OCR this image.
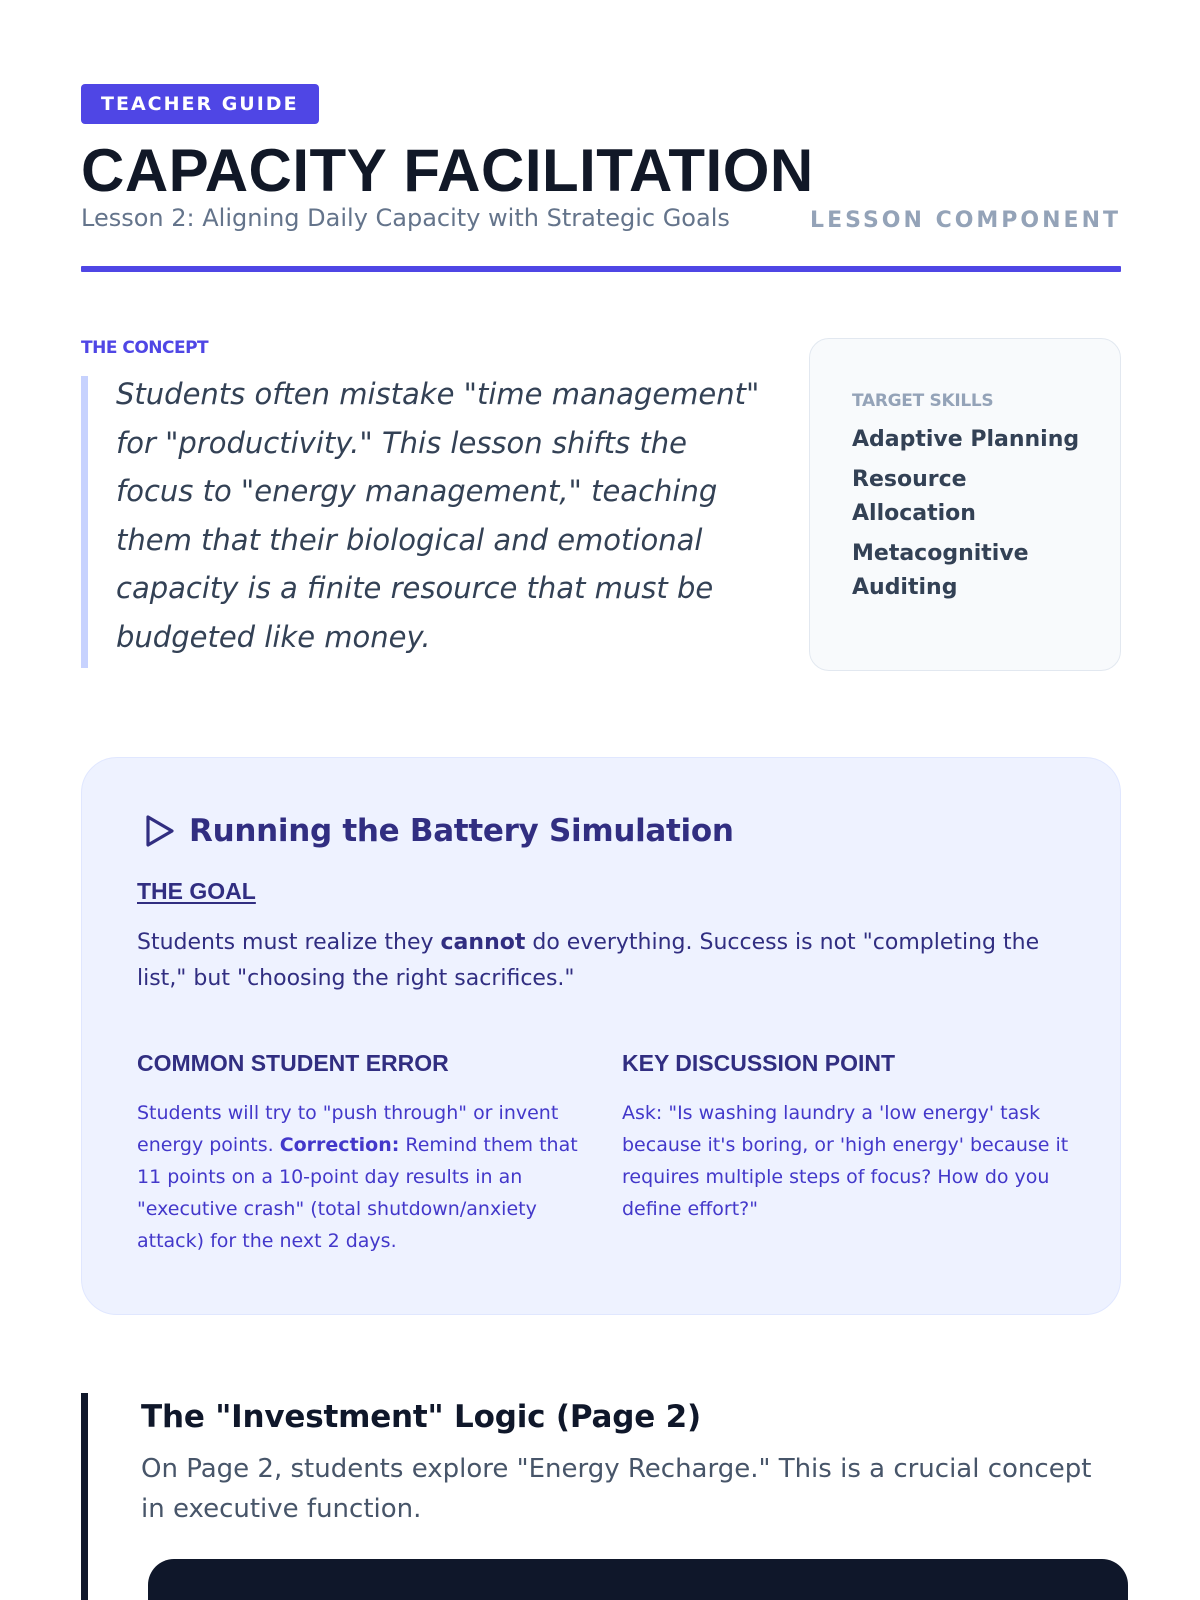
TEACHER GUIDE
CAPACITY FACILITATION
Lesson 2: Aligning Daily Capacity with Strategic Goals	LESSON COMPONENT
THE CONCEPT

Students often mistake "time management" for "productivity." This lesson shifts the focus to "energy management," teaching them that their biological and emotional capacity is a finite resource that must be budgeted like money.

TARGET SKILLS
Adaptive Planning
Resource Allocation
Metacognitive Auditing
Running the Battery Simulation
THE GOAL
Students must realize they cannot do everything. Success is not "completing the list," but "choosing the right sacrifices."
COMMON STUDENT ERROR

Students will try to "push through" or invent energy points. Correction: Remind them that 11 points on a 10-point day results in an "executive crash" (total shutdown/anxiety attack) for the next 2 days.

KEY DISCUSSION POINT

Ask: "Is washing laundry a 'low energy' task because it's boring, or 'high energy' because it requires multiple steps of focus? How do you define effort?"

The "Investment" Logic (Page 2)

On Page 2, students explore "Energy Recharge." This is a crucial concept in executive function.
